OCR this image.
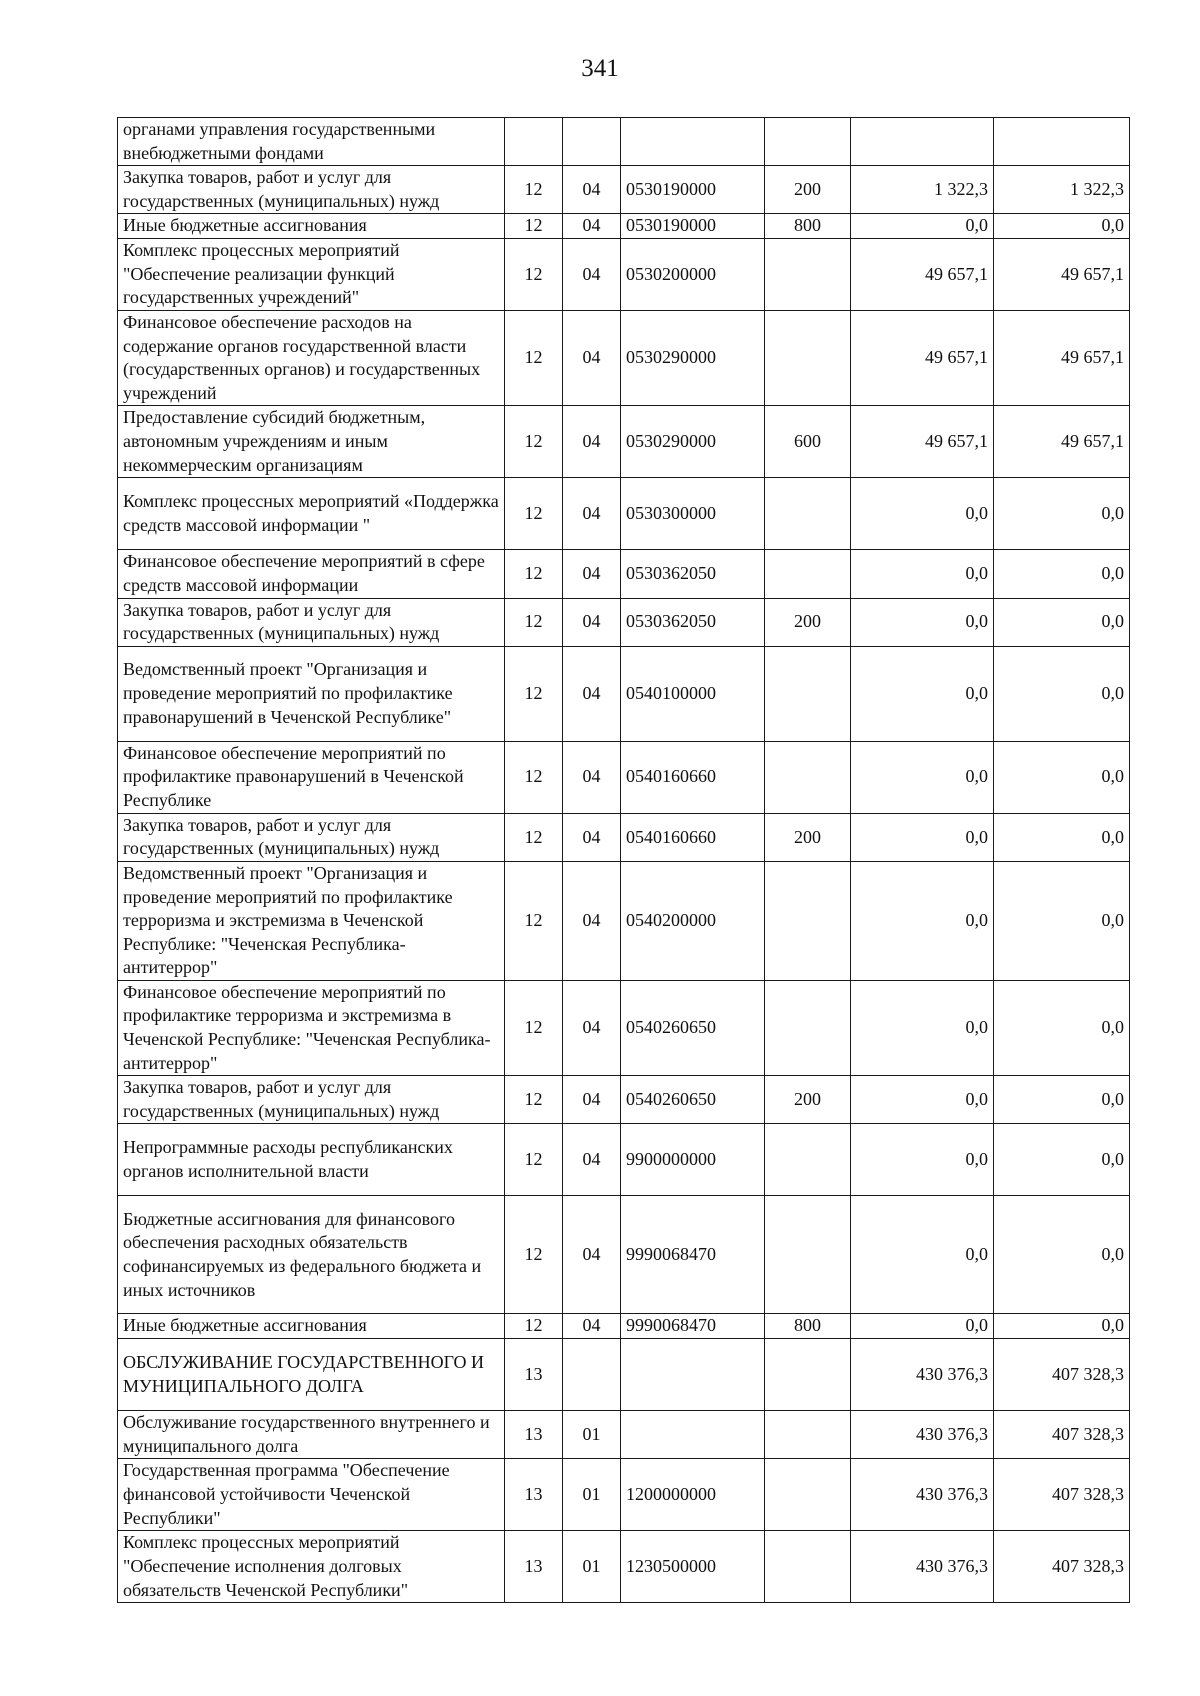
341
органами управления государственными внебюджетными фондами						
Закупка товаров, работ и услуг для государственных (муниципальных) нужд	12	04	0530190000	200	1 322,3	1 322,3
Иные бюджетные ассигнования	12	04	0530190000	800	0,0	0,0
Комплекс процессных мероприятий "Обеспечение реализации функций государственных учреждений"	12	04	0530200000		49 657,1	49 657,1
Финансовое обеспечение расходов на содержание органов государственной власти (государственных органов) и государственных учреждений	12	04	0530290000		49 657,1	49 657,1
Предоставление субсидий бюджетным, автономным учреждениям и иным некоммерческим организациям	12	04	0530290000	600	49 657,1	49 657,1
Комплекс процессных мероприятий «Поддержка средств массовой информации "	12	04	0530300000		0,0	0,0
Финансовое обеспечение мероприятий в сфере средств массовой информации	12	04	0530362050		0,0	0,0
Закупка товаров, работ и услуг для государственных (муниципальных) нужд	12	04	0530362050	200	0,0	0,0
Ведомственный проект "Организация и проведение мероприятий по профилактике правонарушений в Чеченской Республике"	12	04	0540100000		0,0	0,0
Финансовое обеспечение мероприятий по профилактике правонарушений в Чеченской Республике	12	04	0540160660		0,0	0,0
Закупка товаров, работ и услуг для государственных (муниципальных) нужд	12	04	0540160660	200	0,0	0,0
Ведомственный проект "Организация и проведение мероприятий по профилактике терроризма и экстремизма в Чеченской Республике: "Чеченская Республика-антитеррор"	12	04	0540200000		0,0	0,0
Финансовое обеспечение мероприятий по профилактике терроризма и экстремизма в Чеченской Республике: "Чеченская Республика-антитеррор"	12	04	0540260650		0,0	0,0
Закупка товаров, работ и услуг для государственных (муниципальных) нужд	12	04	0540260650	200	0,0	0,0
Непрограммные расходы республиканских органов исполнительной власти	12	04	9900000000		0,0	0,0
Бюджетные ассигнования для финансового обеспечения расходных обязательств софинансируемых из федерального бюджета и иных источников	12	04	9990068470		0,0	0,0
Иные бюджетные ассигнования	12	04	9990068470	800	0,0	0,0
ОБСЛУЖИВАНИЕ ГОСУДАРСТВЕННОГО И МУНИЦИПАЛЬНОГО ДОЛГА	13				430 376,3	407 328,3
Обслуживание государственного внутреннего и муниципального долга	13	01			430 376,3	407 328,3
Государственная программа "Обеспечение финансовой устойчивости Чеченской Республики"	13	01	1200000000		430 376,3	407 328,3
Комплекс процессных мероприятий "Обеспечение исполнения долговых обязательств Чеченской Республики"	13	01	1230500000		430 376,3	407 328,3
